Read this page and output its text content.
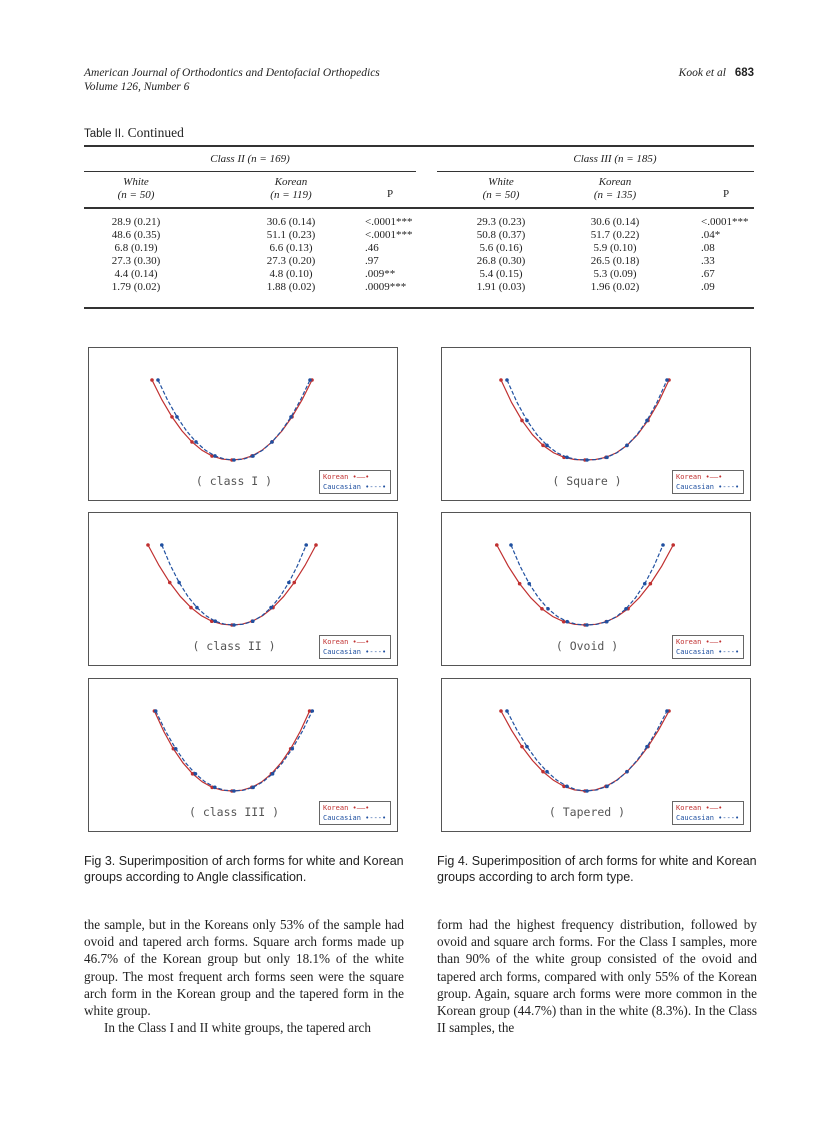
American Journal of Orthodontics and Dentofacial Orthopedics
Volume 126, Number 6
Kook et al 683
Table II. Continued
Class II (n = 169)	Class III (n = 185)
White
(n = 50)
Korean
(n = 119)	P
White
(n = 50)
Korean
(n = 135)	P
28.9 (0.21)	30.6 (0.14)	<.0001***	29.3 (0.23)	30.6 (0.14)	<.0001***
48.6 (0.35)	51.1 (0.23)	<.0001***	50.8 (0.37)	51.7 (0.22)	.04*
6.8 (0.19)	6.6 (0.13)	.46	5.6 (0.16)	5.9 (0.10)	.08
27.3 (0.30)	27.3 (0.20)	.97	26.8 (0.30)	26.5 (0.18)	.33
4.4 (0.14)	4.8 (0.10)	.009**	5.4 (0.15)	5.3 (0.09)	.67
1.79 (0.02)	1.88 (0.02)	.0009***	1.91 (0.03)	1.96 (0.02)	.09
( class I )	Korean •——•
Caucasian •---•
( class II )	Korean •——•
Caucasian •---•
( class III )	Korean •——•
Caucasian •---•
( Square )	Korean •——•
Caucasian •---•
( Ovoid )	Korean •——•
Caucasian •---•
( Tapered )	Korean •——•
Caucasian •---•
Fig 3. Superimposition of arch forms for white and Korean groups according to Angle classification.
Fig 4. Superimposition of arch forms for white and Korean groups according to arch form type.

the sample, but in the Koreans only 53% of the sample had ovoid and tapered arch forms. Square arch forms made up 46.7% of the Korean group but only 18.1% of the white group. The most frequent arch forms seen were the square arch form in the Korean group and the tapered form in the white group.

In the Class I and II white groups, the tapered arch

form had the highest frequency distribution, followed by ovoid and square arch forms. For the Class I samples, more than 90% of the white group consisted of the ovoid and tapered arch forms, compared with only 55% of the Korean group. Again, square arch forms were more common in the Korean group (44.7%) than in the white (8.3%). In the Class II samples, the
